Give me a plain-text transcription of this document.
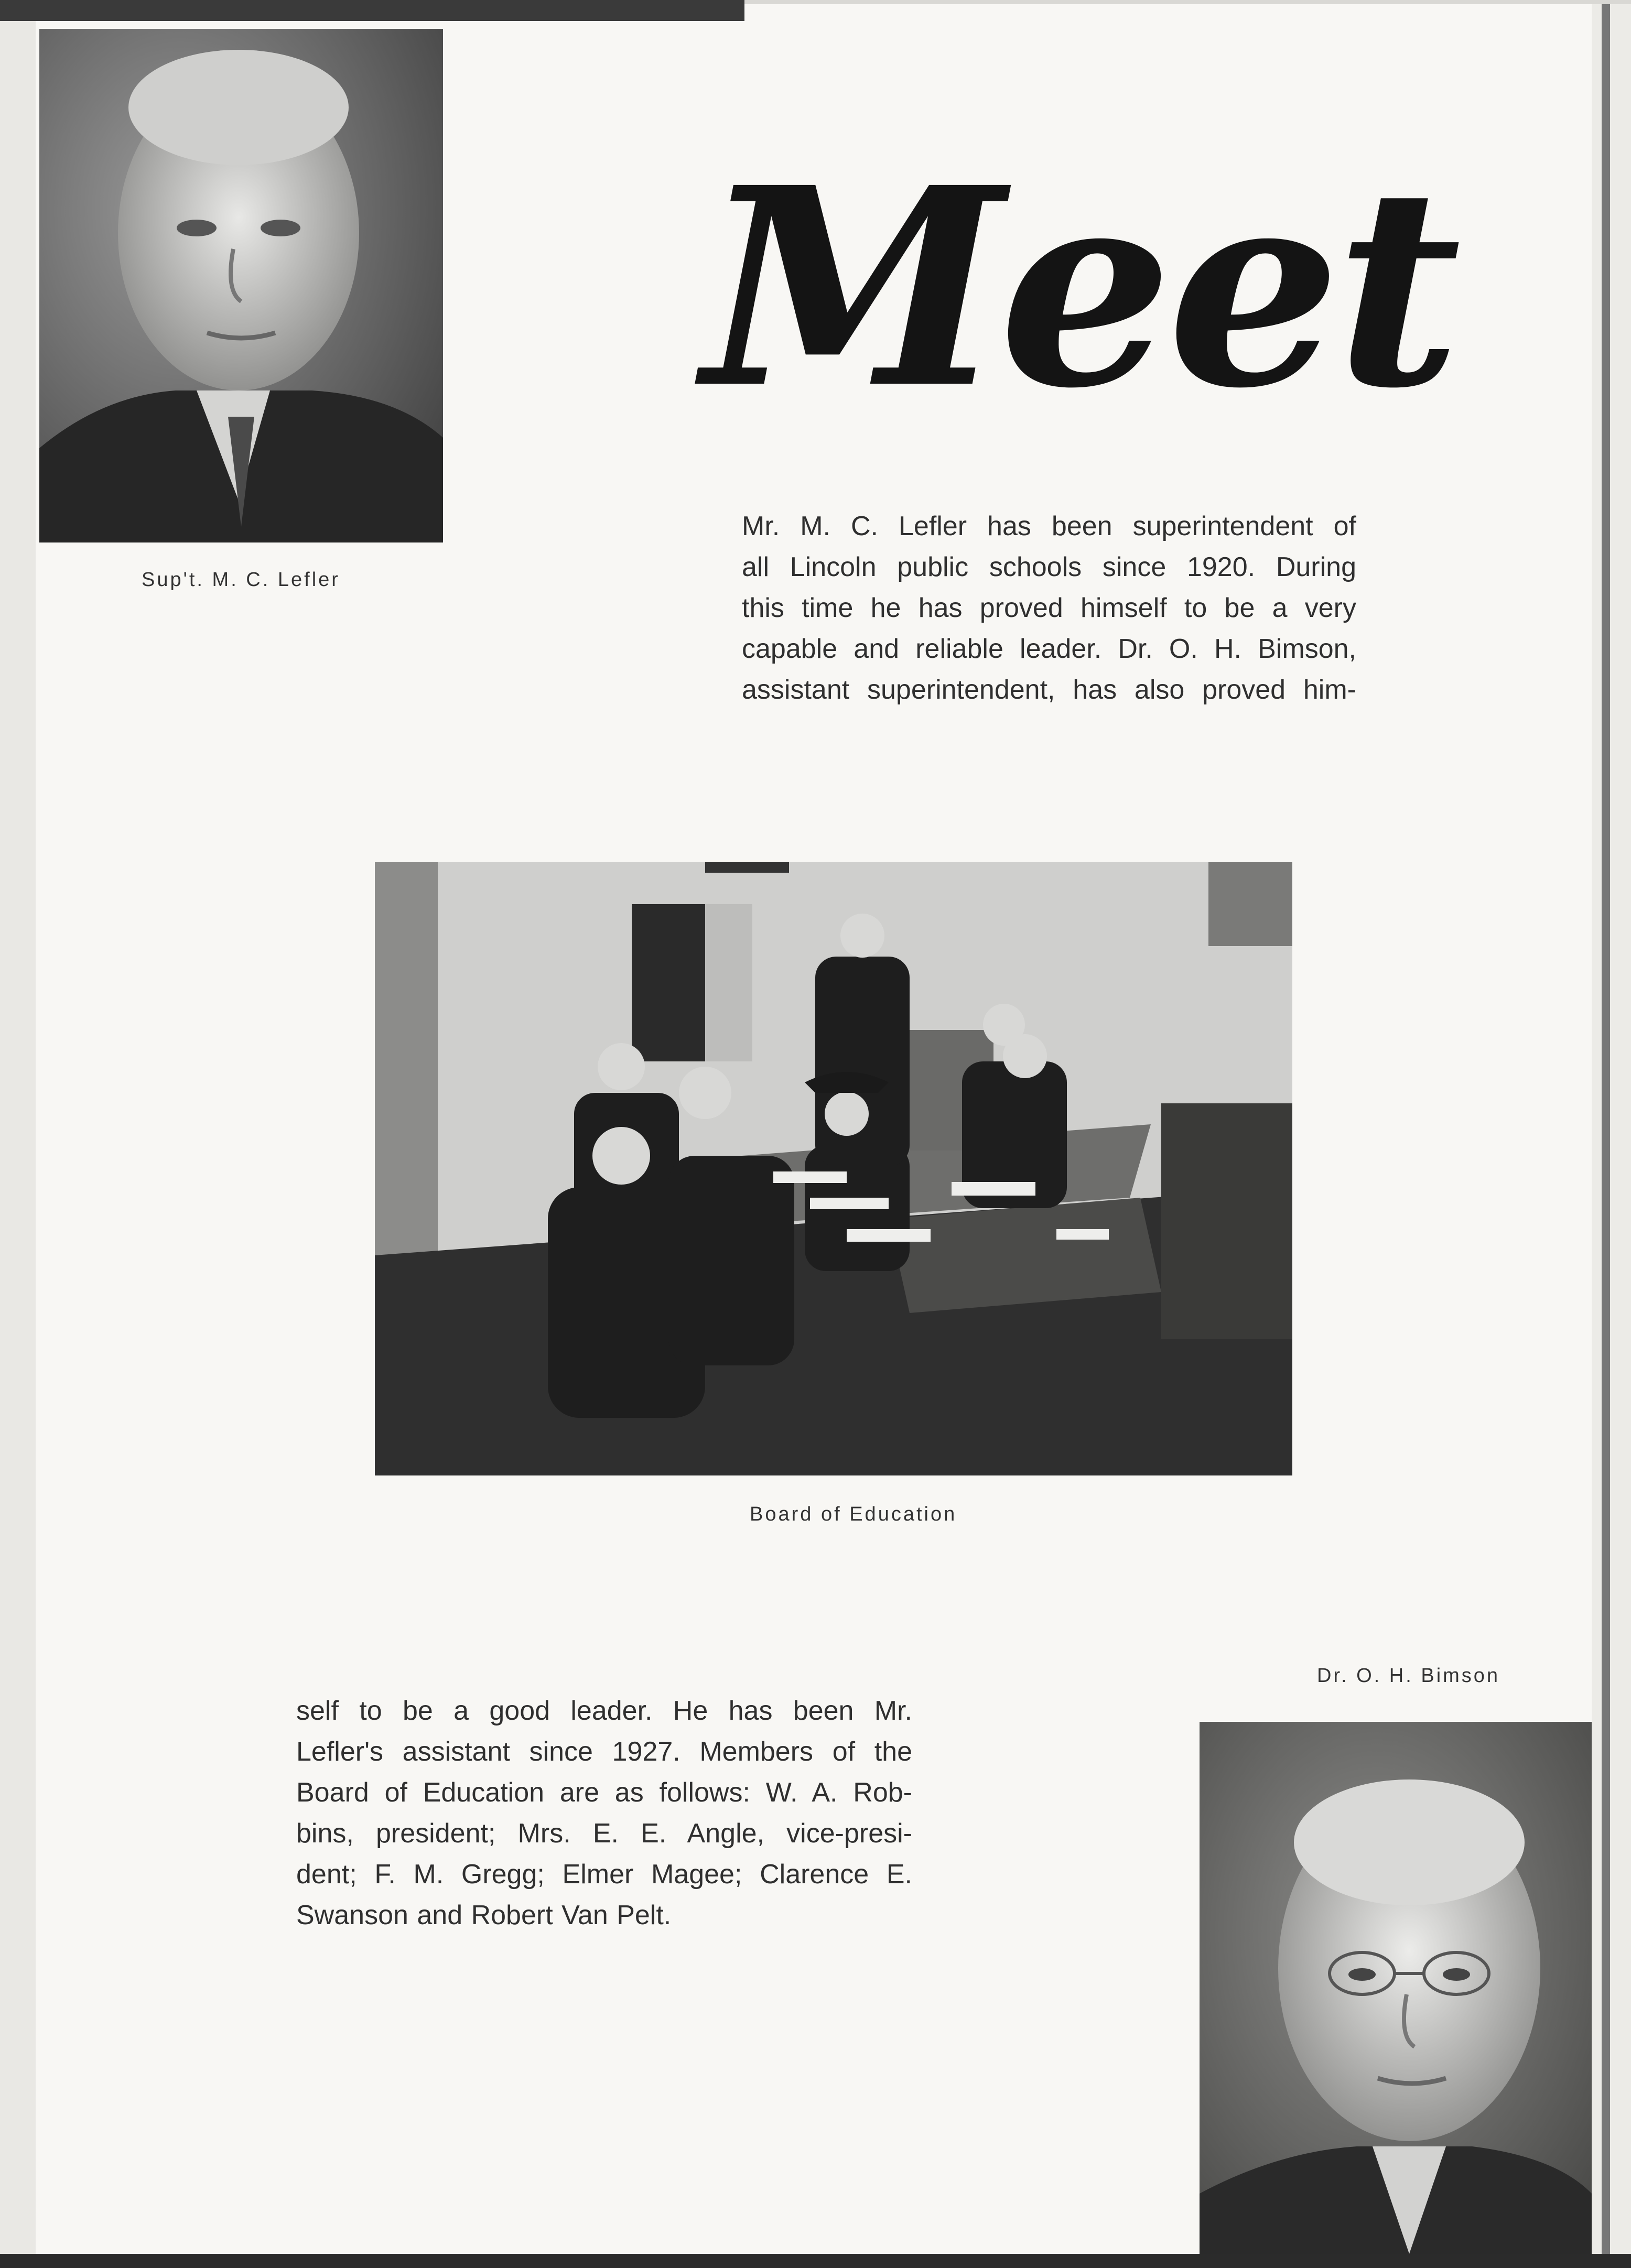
Sup't. M. C. Lefler
Meet
Mr. M. C. Lefler has been superintendent of
all Lincoln public schools since 1920. During
this time he has proved himself to be a very
capable and reliable leader. Dr. O. H. Bimson,
assistant superintendent, has also proved him-
Board of Education
Dr. O. H. Bimson
self to be a good leader. He has been Mr.
Lefler's assistant since 1927. Members of the
Board of Education are as follows: W. A. Rob-
bins, president; Mrs. E. E. Angle, vice-presi-
dent; F. M. Gregg; Elmer Magee; Clarence E.
Swanson and Robert Van Pelt.
